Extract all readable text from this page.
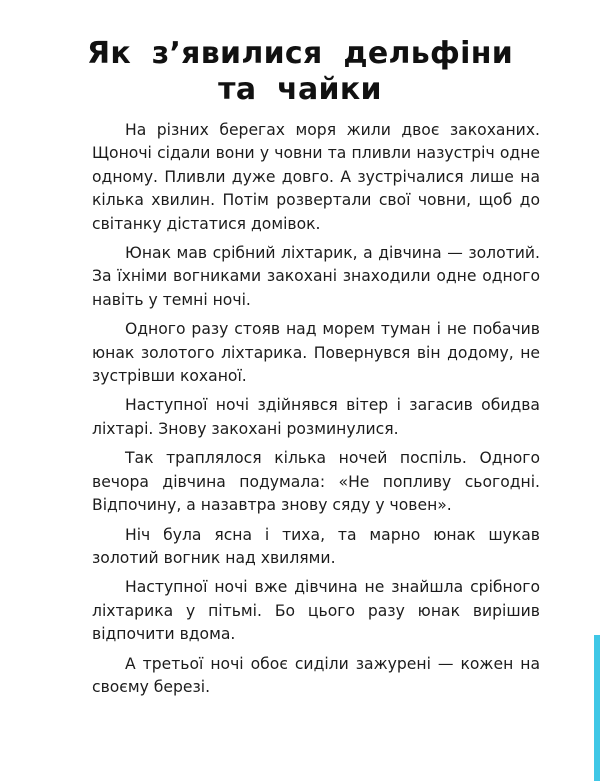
Як з’явилися дельфіни
та чайки

На різних берегах моря жили двоє закоханих. Щоночі сідали вони у човни та пливли назустріч одне одному. Пливли дуже довго. А зустрічалися лише на кілька хвилин. Потім розвертали свої човни, щоб до світанку дістатися домівок.

Юнак мав срібний ліхтарик, а дівчина — золотий. За їхніми вогниками закохані знаходили одне одного навіть у темні ночі.

Одного разу стояв над морем туман і не побачив юнак золотого ліхтарика. Повернувся він додому, не зустрівши коханої.

Наступної ночі здійнявся вітер і загасив обидва ліхтарі. Знову закохані розминулися.

Так траплялося кілька ночей поспіль. Одного вечора дівчина подумала: «Не попливу сьогодні. Відпочину, а назавтра знову сяду у човен».

Ніч була ясна і тиха, та марно юнак шукав золотий вогник над хвилями.

Наступної ночі вже дівчина не знайшла срібного ліхтарика у пітьмі. Бо цього разу юнак вирішив відпочити вдома.

А третьої ночі обоє сиділи зажурені — кожен на своєму березі.
